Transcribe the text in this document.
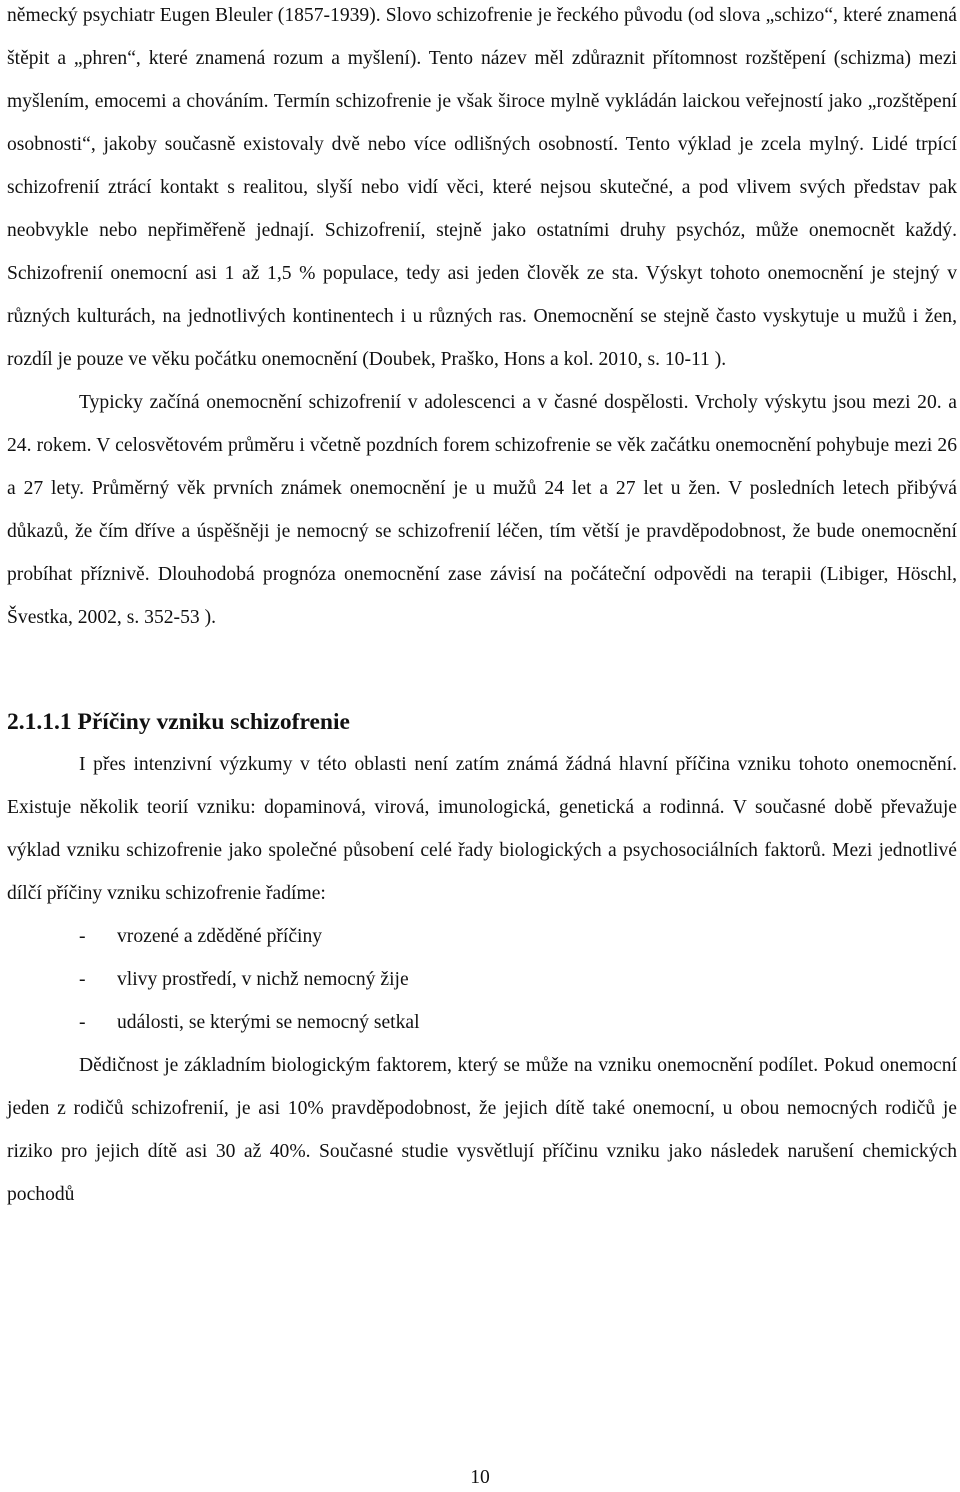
německý psychiatr Eugen Bleuler (1857-1939). Slovo schizofrenie je řeckého původu (od slova „schizo“, které znamená štěpit a „phren“, které znamená rozum a myšlení). Tento název měl zdůraznit přítomnost rozštěpení (schizma) mezi myšlením, emocemi a chováním. Termín schizofrenie je však široce mylně vykládán laickou veřejností jako „rozštěpení osobnosti“, jakoby současně existovaly dvě nebo více odlišných osobností. Tento výklad je zcela mylný. Lidé trpící schizofrenií ztrácí kontakt s realitou, slyší nebo vidí věci, které nejsou skutečné, a pod vlivem svých představ pak neobvykle nebo nepřiměřeně jednají. Schizofrenií, stejně jako ostatními druhy psychóz, může onemocnět každý. Schizofrenií onemocní asi 1 až 1,5 % populace, tedy asi jeden člověk ze sta. Výskyt tohoto onemocnění je stejný v různých kulturách, na jednotlivých kontinentech i u různých ras. Onemocnění se stejně často vyskytuje u mužů i žen, rozdíl je pouze ve věku počátku onemocnění (Doubek, Praško, Hons a kol. 2010, s. 10-11 ).

Typicky začíná onemocnění schizofrenií v adolescenci a v časné dospělosti. Vrcholy výskytu jsou mezi 20. a 24. rokem. V celosvětovém průměru i včetně pozdních forem schizofrenie se věk začátku onemocnění pohybuje mezi 26 a 27 lety. Průměrný věk prvních známek onemocnění je u mužů 24 let a 27 let u žen. V posledních letech přibývá důkazů, že čím dříve a úspěšněji je nemocný se schizofrenií léčen, tím větší je pravděpodobnost, že bude onemocnění probíhat příznivě. Dlouhodobá prognóza onemocnění zase závisí na počáteční odpovědi na terapii (Libiger, Höschl, Švestka, 2002, s. 352-53 ).

2.1.1.1 Příčiny vzniku schizofrenie

I přes intenzivní výzkumy v této oblasti není zatím známá žádná hlavní příčina vzniku tohoto onemocnění. Existuje několik teorií vzniku: dopaminová, virová, imunologická, genetická a rodinná. V současné době převažuje výklad vzniku schizofrenie jako společné působení celé řady biologických a psychosociálních faktorů. Mezi jednotlivé dílčí příčiny vzniku schizofrenie řadíme:

- vrozené a zděděné příčiny
- vlivy prostředí, v nichž nemocný žije
- události, se kterými se nemocný setkal

Dědičnost je základním biologickým faktorem, který se může na vzniku onemocnění podílet. Pokud onemocní jeden z rodičů schizofrenií, je asi 10% pravděpodobnost, že jejich dítě také onemocní, u obou nemocných rodičů je riziko pro jejich dítě asi 30 až 40%. Současné studie vysvětlují příčinu vzniku jako následek narušení chemických pochodů

10
